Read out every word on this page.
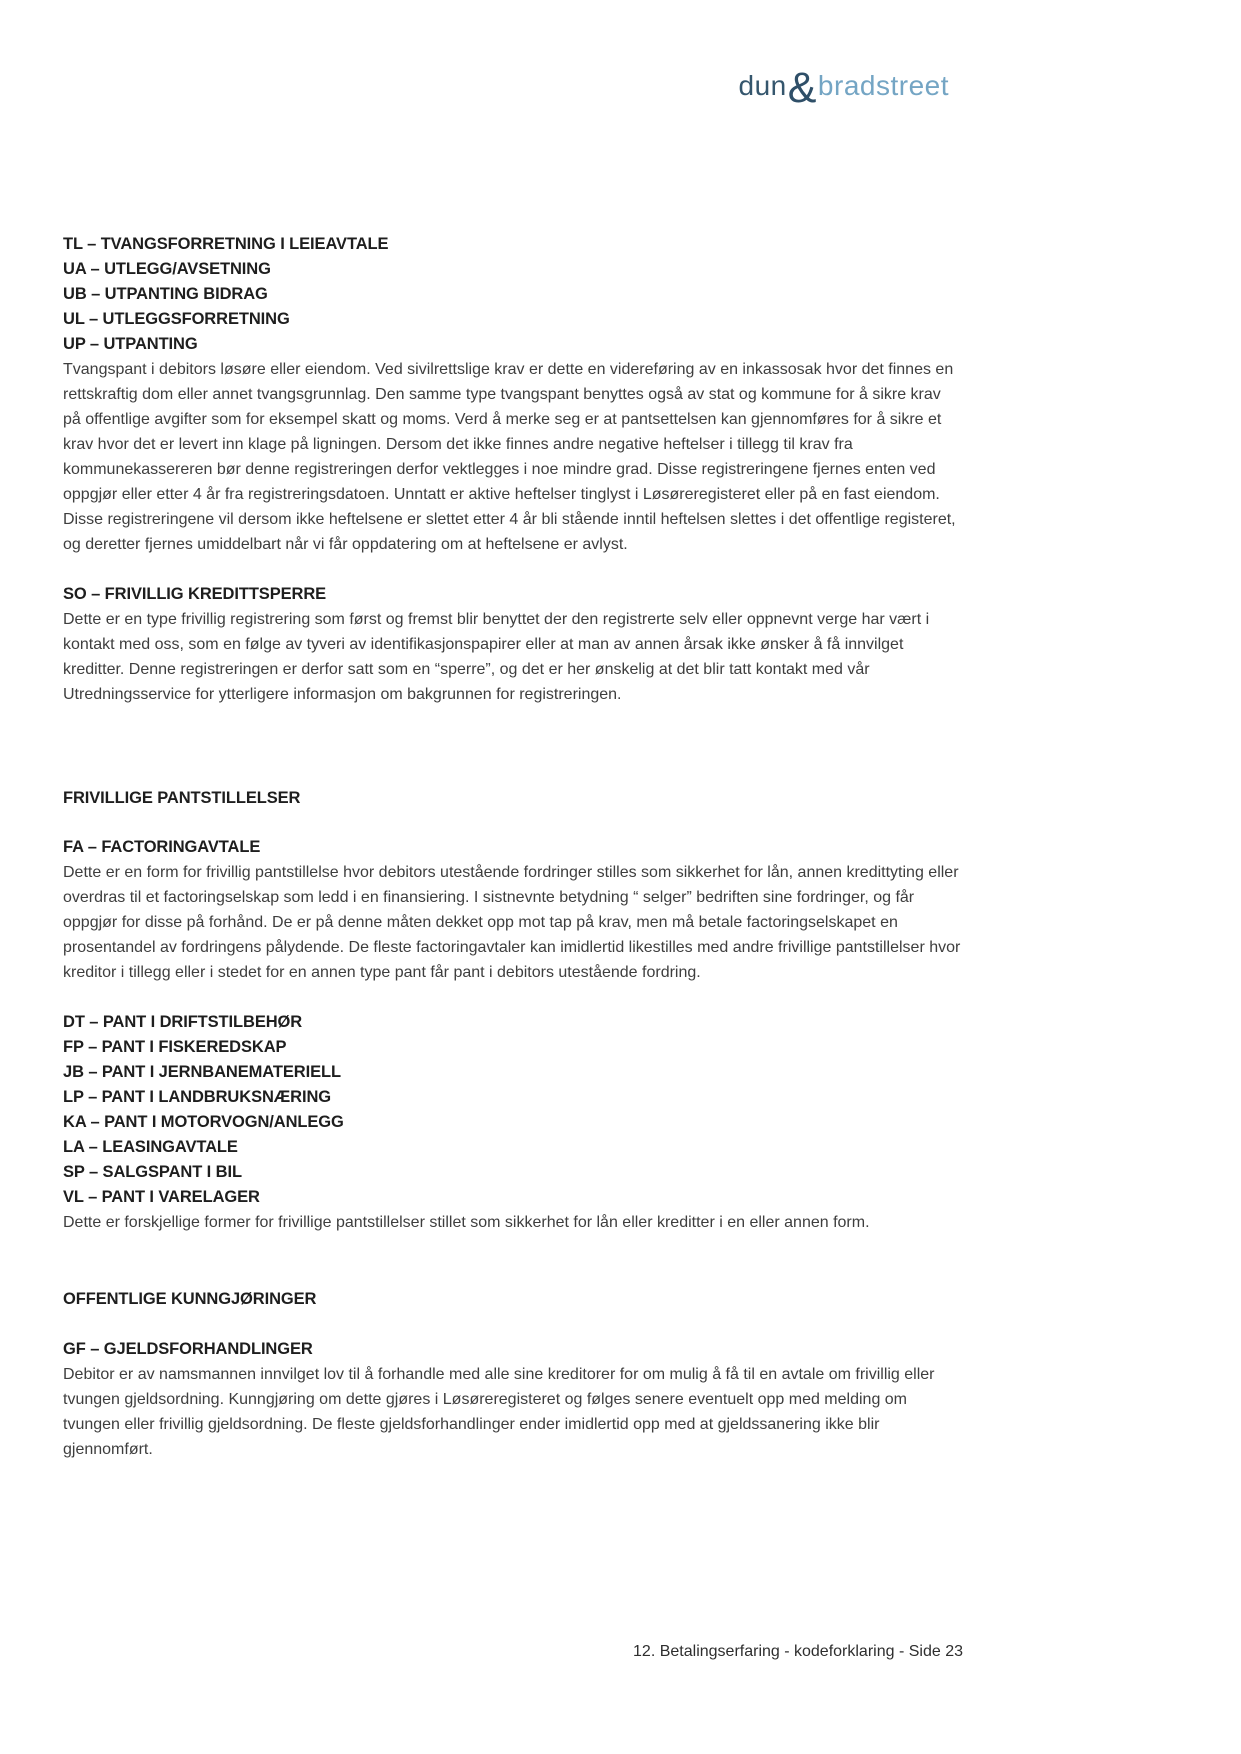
dun&bradstreet
TL – TVANGSFORRETNING I LEIEAVTALE
UA – UTLEGG/AVSETNING
UB – UTPANTING BIDRAG
UL – UTLEGGSFORRETNING
UP – UTPANTING

Tvangspant i debitors løsøre eller eiendom. Ved sivilrettslige krav er dette en videreføring av en inkassosak hvor det finnes en rettskraftig dom eller annet tvangsgrunnlag. Den samme type tvangspant benyttes også av stat og kommune for å sikre krav på offentlige avgifter som for eksempel skatt og moms. Verd å merke seg er at pantsettelsen kan gjennomføres for å sikre et krav hvor det er levert inn klage på ligningen. Dersom det ikke finnes andre negative heftelser i tillegg til krav fra kommunekassereren bør denne registreringen derfor vektlegges i noe mindre grad. Disse registreringene fjernes enten ved oppgjør eller etter 4 år fra registreringsdatoen. Unntatt er aktive heftelser tinglyst i Løsøreregisteret eller på en fast eiendom. Disse registreringene vil dersom ikke heftelsene er slettet etter 4 år bli stående inntil heftelsen slettes i det offentlige registeret, og deretter fjernes umiddelbart når vi får oppdatering om at heftelsene er avlyst.

SO – FRIVILLIG KREDITTSPERRE

Dette er en type frivillig registrering som først og fremst blir benyttet der den registrerte selv eller oppnevnt verge har vært i kontakt med oss, som en følge av tyveri av identifikasjonspapirer eller at man av annen årsak ikke ønsker å få innvilget kreditter. Denne registreringen er derfor satt som en “sperre”, og det er her ønskelig at det blir tatt kontakt med vår Utredningsservice for ytterligere informasjon om bakgrunnen for registreringen.

FRIVILLIGE PANTSTILLELSER
FA – FACTORINGAVTALE

Dette er en form for frivillig pantstillelse hvor debitors utestående fordringer stilles som sikkerhet for lån, annen kredittyting eller overdras til et factoringselskap som ledd i en finansiering. I sistnevnte betydning “ selger” bedriften sine fordringer, og får oppgjør for disse på forhånd. De er på denne måten dekket opp mot tap på krav, men må betale factoringselskapet en prosentandel av fordringens pålydende. De fleste factoringavtaler kan imidlertid likestilles med andre frivillige pantstillelser hvor kreditor i tillegg eller i stedet for en annen type pant får pant i debitors utestående fordring.

DT – PANT I DRIFTSTILBEHØR
FP – PANT I FISKEREDSKAP
JB – PANT I JERNBANEMATERIELL
LP – PANT I LANDBRUKSNÆRING
KA – PANT I MOTORVOGN/ANLEGG
LA – LEASINGAVTALE
SP – SALGSPANT I BIL
VL – PANT I VARELAGER

Dette er forskjellige former for frivillige pantstillelser stillet som sikkerhet for lån eller kreditter i en eller annen form.

OFFENTLIGE KUNNGJØRINGER
GF – GJELDSFORHANDLINGER

Debitor er av namsmannen innvilget lov til å forhandle med alle sine kreditorer for om mulig å få til en avtale om frivillig eller tvungen gjeldsordning. Kunngjøring om dette gjøres i Løsøreregisteret og følges senere eventuelt opp med melding om tvungen eller frivillig gjeldsordning. De fleste gjeldsforhandlinger ender imidlertid opp med at gjeldssanering ikke blir gjennomført.

12. Betalingserfaring - kodeforklaring - Side 23
